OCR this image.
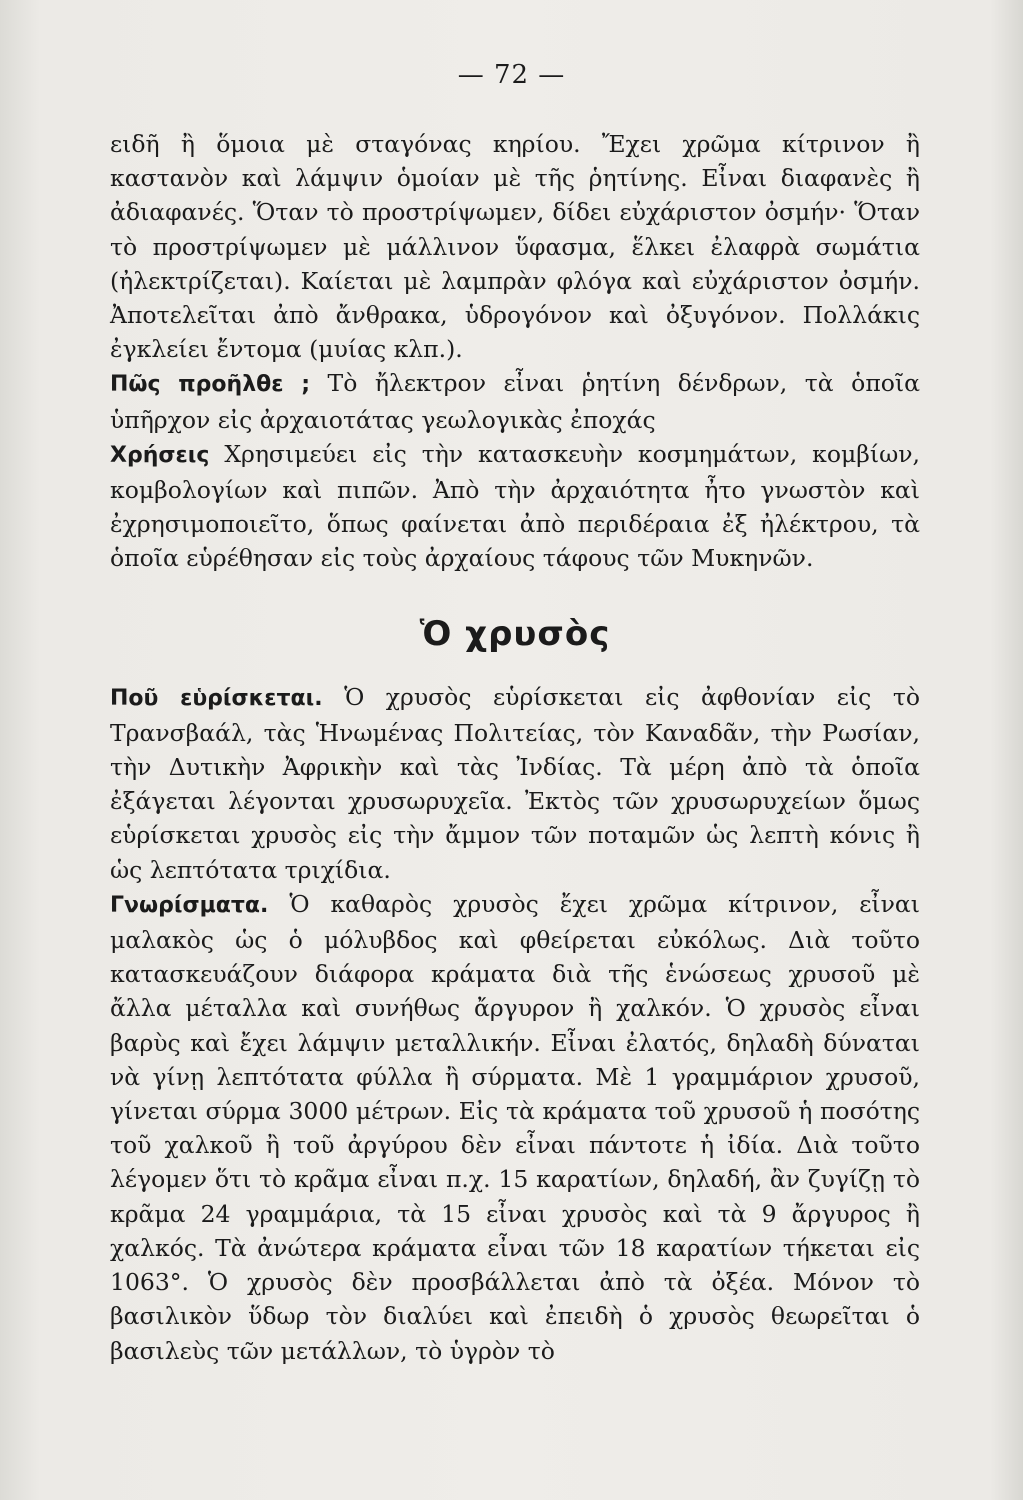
— 72 —

ειδῆ ἢ ὅμοια μὲ σταγόνας κηρίου. Ἔχει χρῶμα κίτρινον ἢ καστανὸν καὶ λάμψιν ὁμοίαν μὲ τῆς ῥητίνης. Εἶναι διαφανὲς ἢ ἀδιαφανές. Ὅταν τὸ προστρίψωμεν, δίδει εὐχάριστον ὀσμήν· Ὅταν τὸ προστρίψωμεν μὲ μάλλινον ὕφασμα, ἕλκει ἐλαφρὰ σωμάτια (ἠλεκτρίζεται). Καίεται μὲ λαμπρὰν φλόγα καὶ εὐχάριστον ὀσμήν. Ἀποτελεῖται ἀπὸ ἄνθρακα, ὑδρογόνον καὶ ὀξυγόνον. Πολλάκις ἐγκλείει ἔντομα (μυίας κλπ.).

Πῶς προῆλθε ; Τὸ ἤλεκτρον εἶναι ῥητίνη δένδρων, τὰ ὁποῖα ὑπῆρχον εἰς ἀρχαιοτάτας γεωλογικὰς ἐποχάς

Χρήσεις Χρησιμεύει εἰς τὴν κατασκευὴν κοσμημάτων, κομβίων, κομβολογίων καὶ πιπῶν. Ἀπὸ τὴν ἀρχαιότητα ἦτο γνωστὸν καὶ ἐχρησιμοποιεῖτο, ὅπως φαίνεται ἀπὸ περιδέραια ἐξ ἠλέκτρου, τὰ ὁποῖα εὑρέθησαν εἰς τοὺς ἀρχαίους τάφους τῶν Μυκηνῶν.

Ὁ χρυσὸς

Ποῦ εὑρίσκεται. Ὁ χρυσὸς εὑρίσκεται εἰς ἀφθονίαν εἰς τὸ Τρανσβαάλ, τὰς Ἡνωμένας Πολιτείας, τὸν Καναδᾶν, τὴν Ρωσίαν, τὴν Δυτικὴν Ἀφρικὴν καὶ τὰς Ἰνδίας. Τὰ μέρη ἀπὸ τὰ ὁποῖα ἐξάγεται λέγονται χρυσωρυχεῖα. Ἐκτὸς τῶν χρυσωρυχείων ὅμως εὑρίσκεται χρυσὸς εἰς τὴν ἄμμον τῶν ποταμῶν ὡς λεπτὴ κόνις ἢ ὡς λεπτότατα τριχίδια.

Γνωρίσματα. Ὁ καθαρὸς χρυσὸς ἔχει χρῶμα κίτρινον, εἶναι μαλακὸς ὡς ὁ μόλυβδος καὶ φθείρεται εὐκόλως. Διὰ τοῦτο κατασκευάζουν διάφορα κράματα διὰ τῆς ἑνώσεως χρυσοῦ μὲ ἄλλα μέταλλα καὶ συνήθως ἄργυρον ἢ χαλκόν. Ὁ χρυσὸς εἶναι βαρὺς καὶ ἔχει λάμψιν μεταλλικήν. Εἶναι ἐλατός, δηλαδὴ δύναται νὰ γίνῃ λεπτότατα φύλλα ἢ σύρματα. Μὲ 1 γραμμάριον χρυσοῦ, γίνεται σύρμα 3000 μέτρων. Εἰς τὰ κράματα τοῦ χρυσοῦ ἡ ποσότης τοῦ χαλκοῦ ἢ τοῦ ἀργύρου δὲν εἶναι πάντοτε ἡ ἰδία. Διὰ τοῦτο λέγομεν ὅτι τὸ κρᾶμα εἶναι π.χ. 15 καρατίων, δηλαδή, ἂν ζυγίζῃ τὸ κρᾶμα 24 γραμμάρια, τὰ 15 εἶναι χρυσὸς καὶ τὰ 9 ἄργυρος ἢ χαλκός. Τὰ ἀνώτερα κράματα εἶναι τῶν 18 καρατίων τήκεται εἰς 1063°. Ὁ χρυσὸς δὲν προσβάλλεται ἀπὸ τὰ ὀξέα. Μόνον τὸ βασιλικὸν ὕδωρ τὸν διαλύει καὶ ἐπειδὴ ὁ χρυσὸς θεωρεῖται ὁ βασιλεὺς τῶν μετάλλων, τὸ ὑγρὸν τὸ
